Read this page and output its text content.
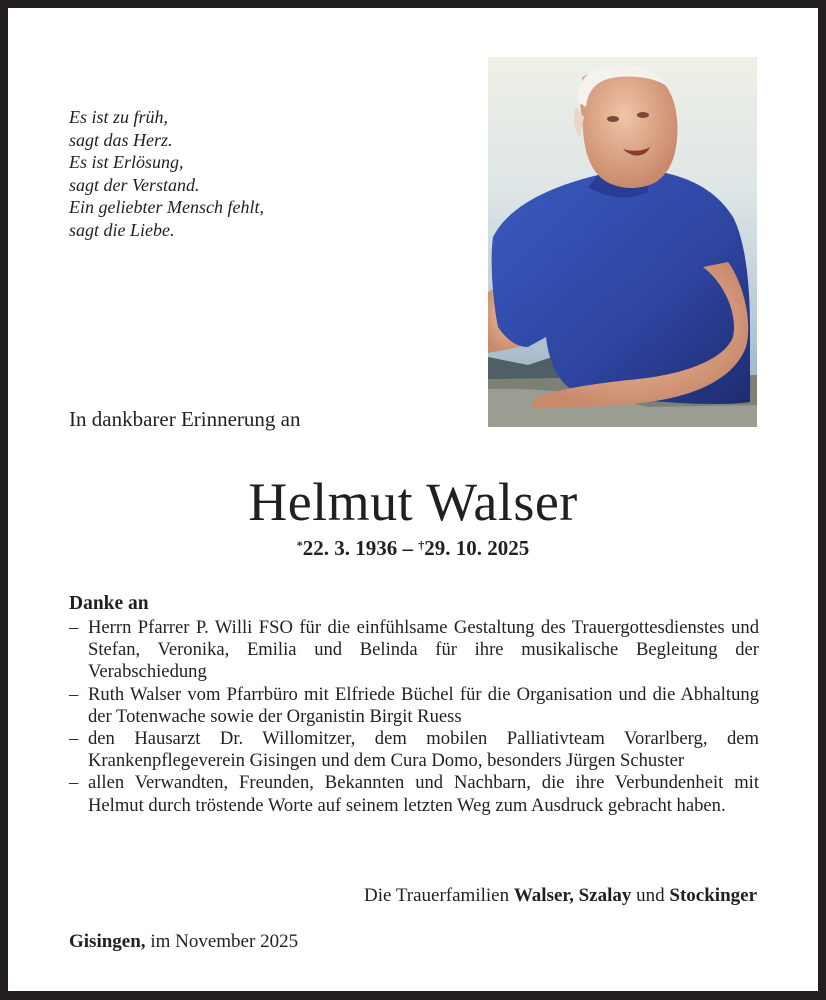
Es ist zu früh,
sagt das Herz.
Es ist Erlösung,
sagt der Verstand.
Ein geliebter Mensch fehlt,
sagt die Liebe.
In dankbarer Erinnerung an
Helmut Walser
*22. 3. 1936 – †29. 10. 2025
Danke an
– Herrn Pfarrer P. Willi FSO für die einfühlsame Gestaltung des Trauergottesdienstes und Stefan, Veronika, Emilia und Belinda für ihre musikalische Begleitung der Verabschiedung
– Ruth Walser vom Pfarrbüro mit Elfriede Büchel für die Organisation und die Abhaltung der Totenwache sowie der Organistin Birgit Ruess
– den Hausarzt Dr. Willomitzer, dem mobilen Palliativteam Vorarlberg, dem Krankenpflegeverein Gisingen und dem Cura Domo, besonders Jürgen Schuster
– allen Verwandten, Freunden, Bekannten und Nachbarn, die ihre Verbundenheit mit Helmut durch tröstende Worte auf seinem letzten Weg zum Ausdruck gebracht haben.
Die Trauerfamilien Walser, Szalay und Stockinger
Gisingen, im November 2025
